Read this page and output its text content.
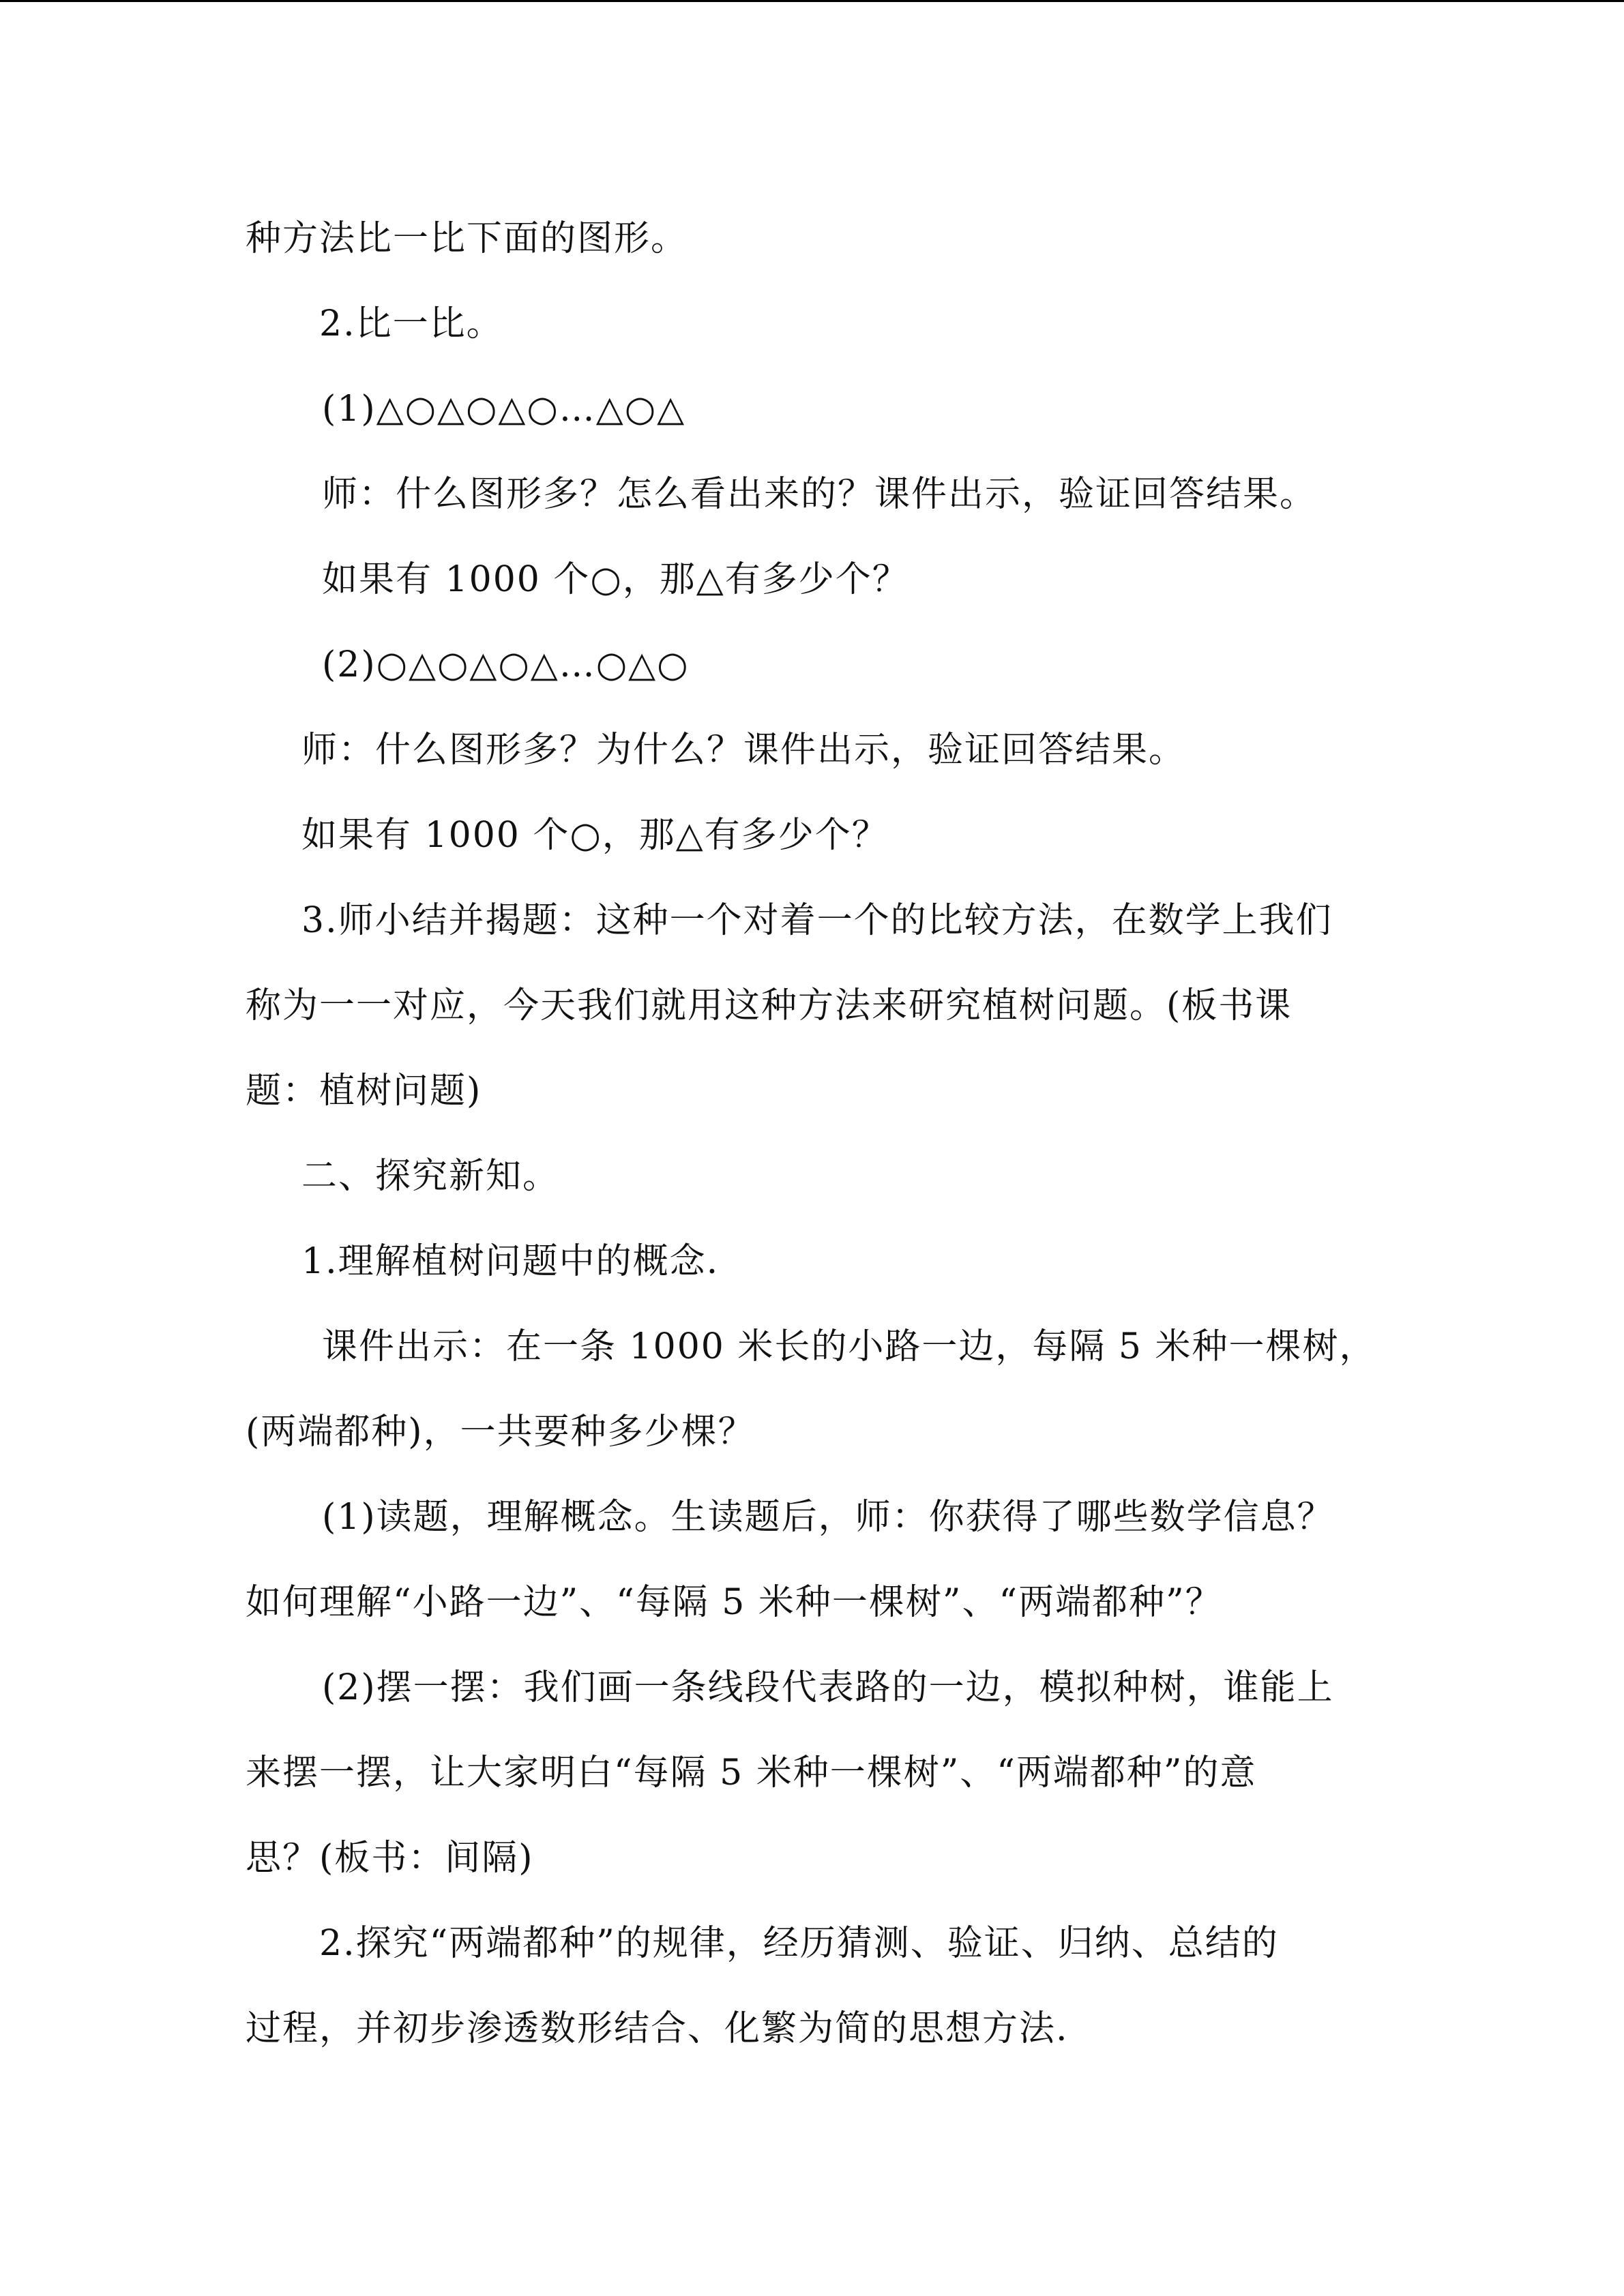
种方法比一比下面的图形。
2.比一比。
(1)△○△○△○…△○△
师：什么图形多？怎么看出来的？课件出示，验证回答结果。
如果有 1000 个○，那△有多少个？
(2)○△○△○△…○△○
师：什么图形多？为什么？课件出示，验证回答结果。
如果有 1000 个○，那△有多少个？
3.师小结并揭题：这种一个对着一个的比较方法，在数学上我们
称为一一对应，今天我们就用这种方法来研究植树问题。(板书课
题：植树问题)
二、探究新知。
1.理解植树问题中的概念.
课件出示：在一条 1000 米长的小路一边，每隔 5 米种一棵树，
(两端都种)，一共要种多少棵？
(1)读题，理解概念。生读题后，师：你获得了哪些数学信息？
如何理解“小路一边”、“每隔 5 米种一棵树”、“两端都种”？
(2)摆一摆：我们画一条线段代表路的一边，模拟种树，谁能上
来摆一摆，让大家明白“每隔 5 米种一棵树”、“两端都种”的意
思？(板书：间隔)
2.探究“两端都种”的规律，经历猜测、验证、归纳、总结的
过程，并初步渗透数形结合、化繁为简的思想方法.
